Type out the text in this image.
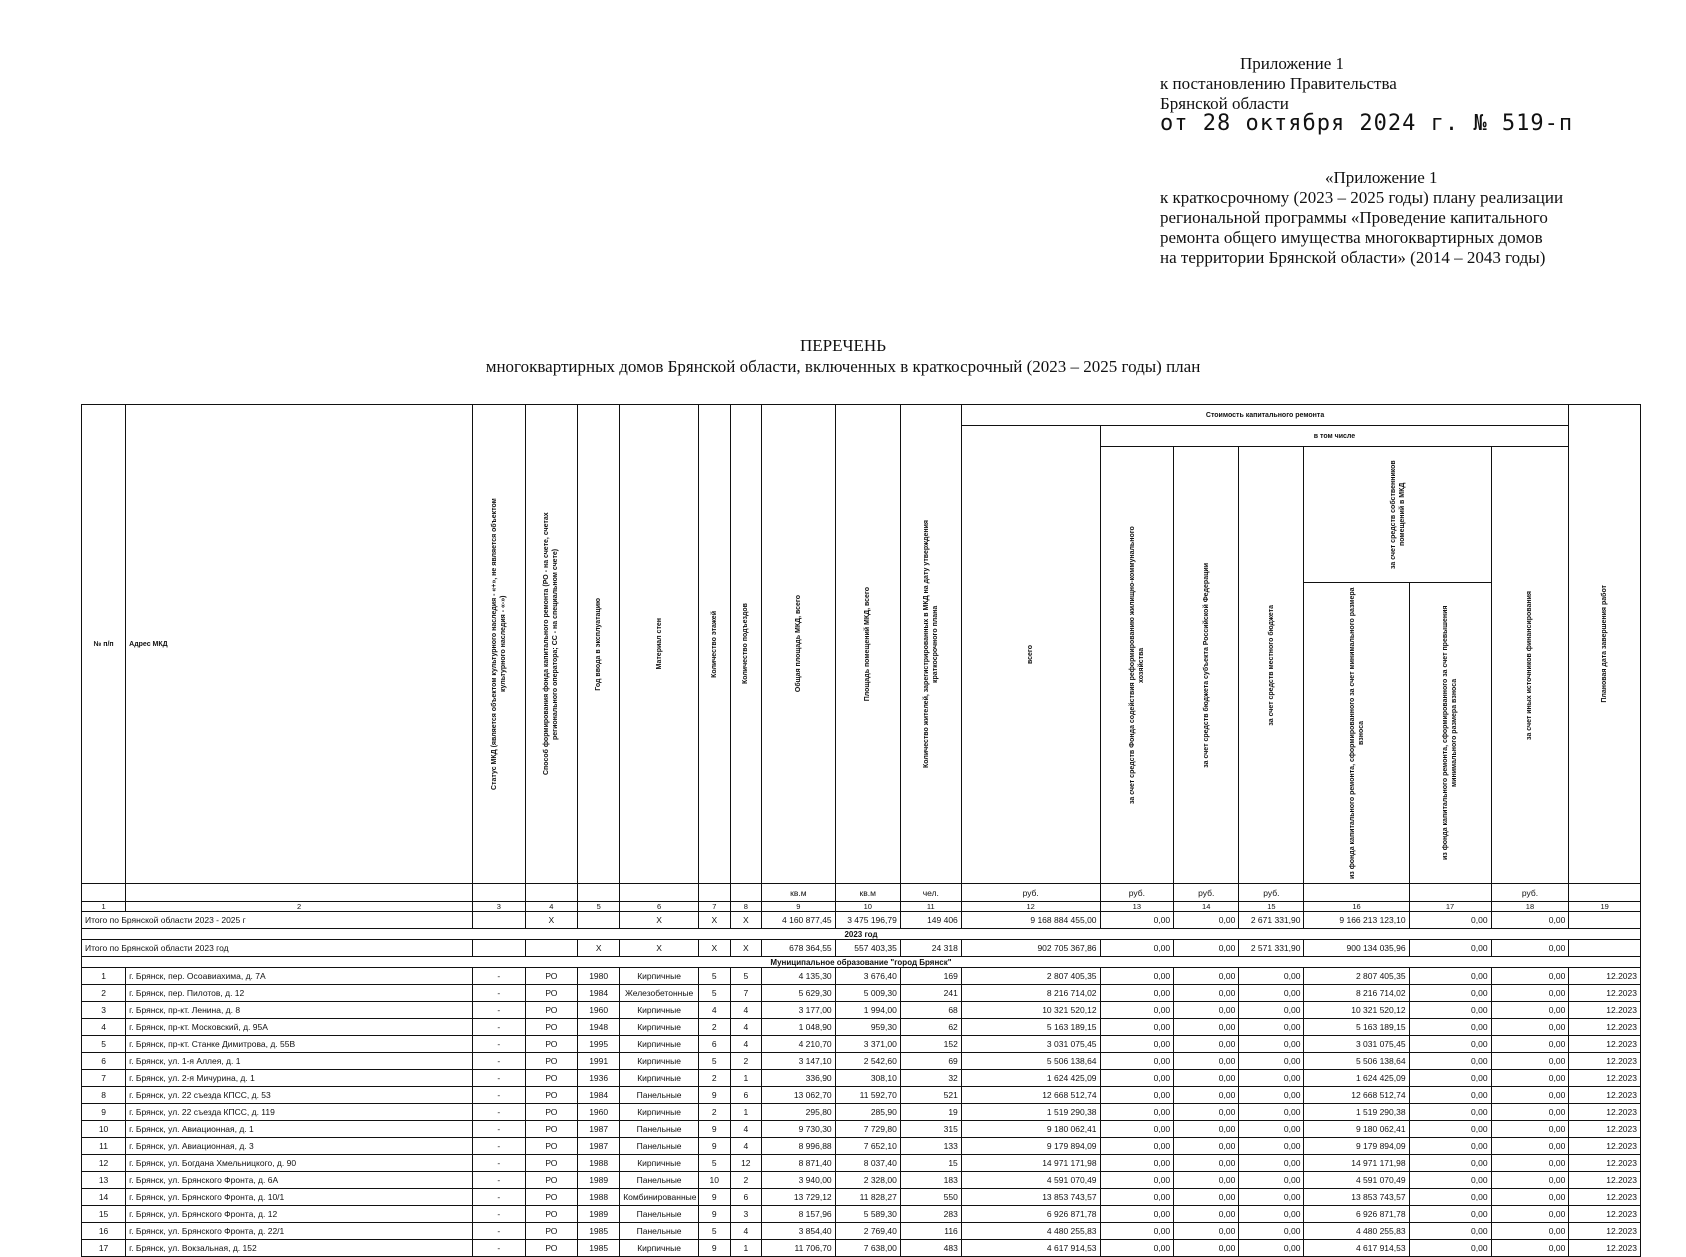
Приложение 1
к постановлению Правительства
Брянской области
от 28 октября 2024 г. № 519-п
«Приложение 1
к краткосрочному (2023 – 2025 годы) плану реализации
региональной программы «Проведение капитального
ремонта общего имущества многоквартирных домов
на территории Брянской области» (2014 – 2043 годы)
ПЕРЕЧЕНЬ
многоквартирных домов Брянской области, включенных в краткосрочный (2023 – 2025 годы) план
№ п/п	Адрес МКД	Статус МКД (является объектом культурного наследия - «+», не является объектом культурного наследия - «-»)	Способ формирования фонда капитального ремонта (РО - на счете, счетах регионального оператора; СС - на специальном счете)	Год ввода в эксплуатацию	Материал стен	Количество этажей	Количество подъездов	Общая площадь МКД, всего	Площадь помещений МКД, всего	Количество жителей, зарегистрированных в МКД на дату утверждения краткосрочного плана	Стоимость капитального ремонта							Плановая дата завершения работ

											всего	в том числе						

												за счет средств Фонда содействия реформированию жилищно-коммунального хозяйства	за счет средств бюджета субъекта Российской Федерации	за счет средств местного бюджета	за счет средств собственников помещений в МКД		за счет иных источников финансирования	

															из фонда капитального ремонта, сформированного за счет минимального размера взноса	из фонда капитального ремонта, сформированного за счет превышения минимального размера взноса		

								кв.м	кв.м	чел.	руб.	руб.	руб.	руб.			руб.	
1	2	3	4	5	6	7	8	9	10	11	12	13	14	15	16	17	18	19
Итого по Брянской области 2023 - 2025 г			X		X	X	X	4 160 877,45	3 475 196,79	149 406	9 168 884 455,00	0,00	0,00	2 671 331,90	9 166 213 123,10	0,00	0,00	
2023 год																		
Итого по Брянской области 2023 год				X	X	X	X	678 364,55	557 403,35	24 318	902 705 367,86	0,00	0,00	2 571 331,90	900 134 035,96	0,00	0,00	
Муниципальное образование "город Брянск"																		
1	г. Брянск, пер. Осоавиахима, д. 7А	-	РО	1980	Кирпичные	5	5	4 135,30	3 676,40	169	2 807 405,35	0,00	0,00	0,00	2 807 405,35	0,00	0,00	12.2023
2	г. Брянск, пер. Пилотов, д. 12	-	РО	1984	Железобетонные	5	7	5 629,30	5 009,30	241	8 216 714,02	0,00	0,00	0,00	8 216 714,02	0,00	0,00	12.2023
3	г. Брянск, пр-кт. Ленина, д. 8	-	РО	1960	Кирпичные	4	4	3 177,00	1 994,00	68	10 321 520,12	0,00	0,00	0,00	10 321 520,12	0,00	0,00	12.2023
4	г. Брянск, пр-кт. Московский, д. 95А	-	РО	1948	Кирпичные	2	4	1 048,90	959,30	62	5 163 189,15	0,00	0,00	0,00	5 163 189,15	0,00	0,00	12.2023
5	г. Брянск, пр-кт. Станке Димитрова, д. 55В	-	РО	1995	Кирпичные	6	4	4 210,70	3 371,00	152	3 031 075,45	0,00	0,00	0,00	3 031 075,45	0,00	0,00	12.2023
6	г. Брянск, ул. 1-я Аллея, д. 1	-	РО	1991	Кирпичные	5	2	3 147,10	2 542,60	69	5 506 138,64	0,00	0,00	0,00	5 506 138,64	0,00	0,00	12.2023
7	г. Брянск, ул. 2-я Мичурина, д. 1	-	РО	1936	Кирпичные	2	1	336,90	308,10	32	1 624 425,09	0,00	0,00	0,00	1 624 425,09	0,00	0,00	12.2023
8	г. Брянск, ул. 22 съезда КПСС, д. 53	-	РО	1984	Панельные	9	6	13 062,70	11 592,70	521	12 668 512,74	0,00	0,00	0,00	12 668 512,74	0,00	0,00	12.2023
9	г. Брянск, ул. 22 съезда КПСС, д. 119	-	РО	1960	Кирпичные	2	1	295,80	285,90	19	1 519 290,38	0,00	0,00	0,00	1 519 290,38	0,00	0,00	12.2023
10	г. Брянск, ул. Авиационная, д. 1	-	РО	1987	Панельные	9	4	9 730,30	7 729,80	315	9 180 062,41	0,00	0,00	0,00	9 180 062,41	0,00	0,00	12.2023
11	г. Брянск, ул. Авиационная, д. 3	-	РО	1987	Панельные	9	4	8 996,88	7 652,10	133	9 179 894,09	0,00	0,00	0,00	9 179 894,09	0,00	0,00	12.2023
12	г. Брянск, ул. Богдана Хмельницкого, д. 90	-	РО	1988	Кирпичные	5	12	8 871,40	8 037,40	15	14 971 171,98	0,00	0,00	0,00	14 971 171,98	0,00	0,00	12.2023
13	г. Брянск, ул. Брянского Фронта, д. 6А	-	РО	1989	Панельные	10	2	3 940,00	2 328,00	183	4 591 070,49	0,00	0,00	0,00	4 591 070,49	0,00	0,00	12.2023
14	г. Брянск, ул. Брянского Фронта, д. 10/1	-	РО	1988	Комбинированные	9	6	13 729,12	11 828,27	550	13 853 743,57	0,00	0,00	0,00	13 853 743,57	0,00	0,00	12.2023
15	г. Брянск, ул. Брянского Фронта, д. 12	-	РО	1989	Панельные	9	3	8 157,96	5 589,30	283	6 926 871,78	0,00	0,00	0,00	6 926 871,78	0,00	0,00	12.2023
16	г. Брянск, ул. Брянского Фронта, д. 22/1	-	РО	1985	Панельные	5	4	3 854,40	2 769,40	116	4 480 255,83	0,00	0,00	0,00	4 480 255,83	0,00	0,00	12.2023
17	г. Брянск, ул. Вокзальная, д. 152	-	РО	1985	Кирпичные	9	1	11 706,70	7 638,00	483	4 617 914,53	0,00	0,00	0,00	4 617 914,53	0,00	0,00	12.2023
